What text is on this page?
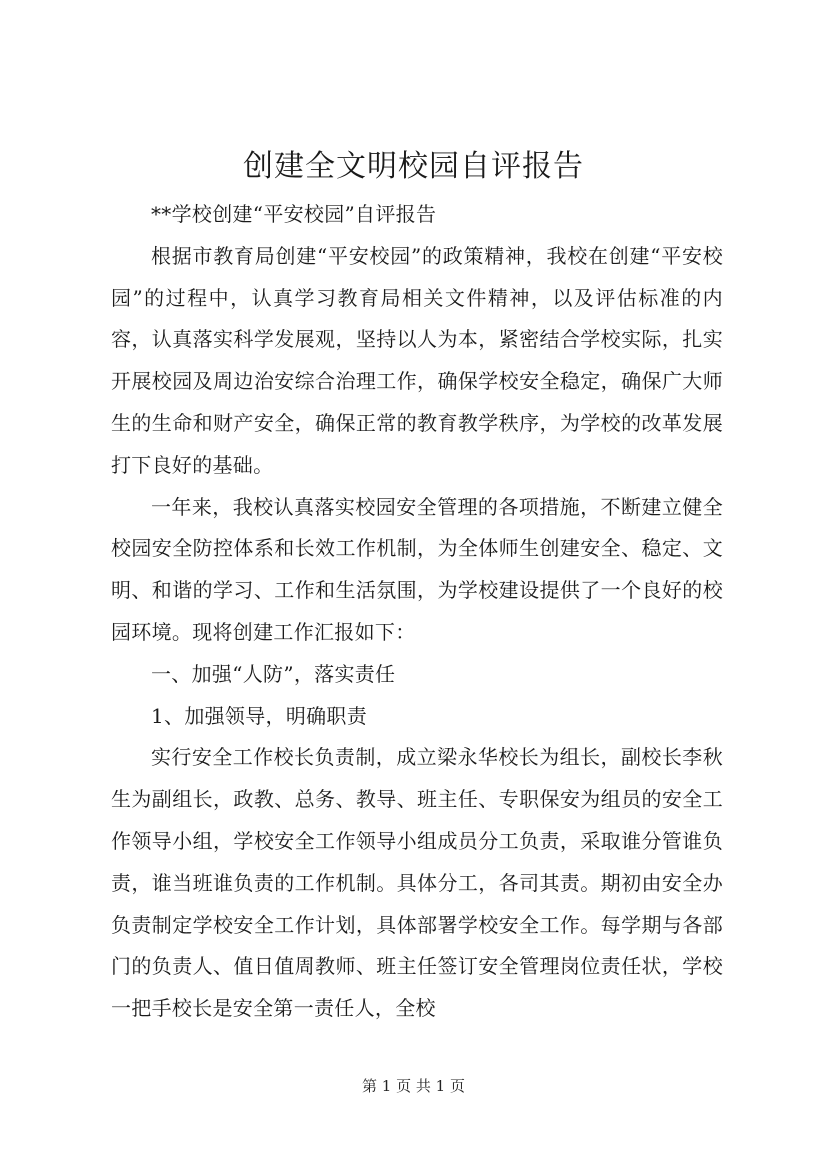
创建全文明校园自评报告

**学校创建“平安校园”自评报告

根据市教育局创建“平安校园”的政策精神，我校在创建“平安校园”的过程中，认真学习教育局相关文件精神，以及评估标准的内容，认真落实科学发展观，坚持以人为本，紧密结合学校实际，扎实开展校园及周边治安综合治理工作，确保学校安全稳定，确保广大师生的生命和财产安全，确保正常的教育教学秩序，为学校的改革发展打下良好的基础。

一年来，我校认真落实校园安全管理的各项措施，不断建立健全校园安全防控体系和长效工作机制，为全体师生创建安全、稳定、文明、和谐的学习、工作和生活氛围，为学校建设提供了一个良好的校园环境。现将创建工作汇报如下：

一、加强“人防”，落实责任

1、加强领导，明确职责

实行安全工作校长负责制，成立梁永华校长为组长，副校长李秋生为副组长，政教、总务、教导、班主任、专职保安为组员的安全工作领导小组，学校安全工作领导小组成员分工负责，采取谁分管谁负责，谁当班谁负责的工作机制。具体分工，各司其责。期初由安全办负责制定学校安全工作计划，具体部署学校安全工作。每学期与各部门的负责人、值日值周教师、班主任签订安全管理岗位责任状，学校一把手校长是安全第一责任人，全校

第 1 页 共 1 页
